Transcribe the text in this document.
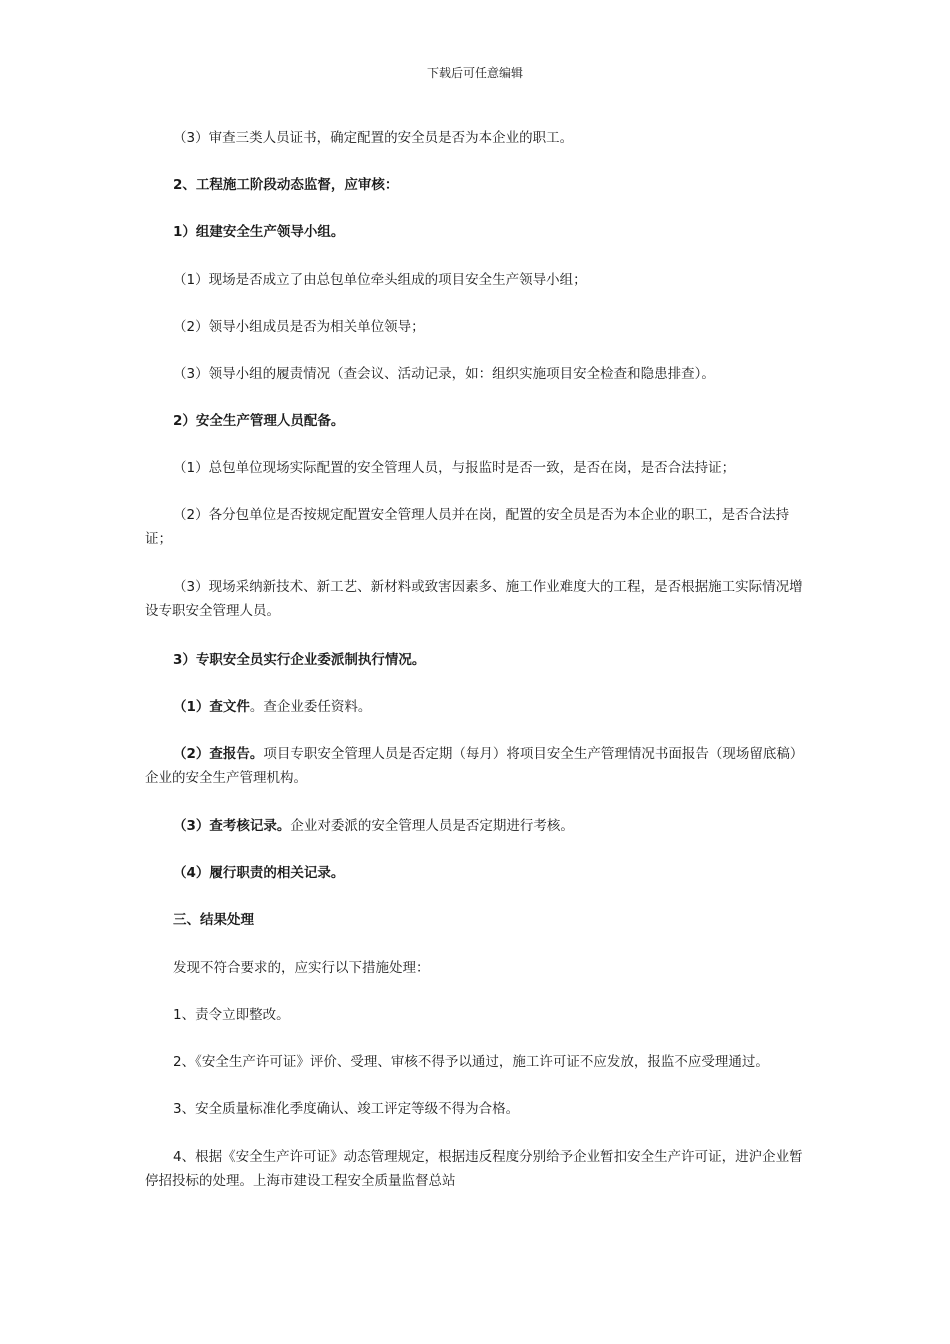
下载后可任意编辑
（3）审查三类人员证书，确定配置的安全员是否为本企业的职工。
2、工程施工阶段动态监督，应审核：
1）组建安全生产领导小组。
（1）现场是否成立了由总包单位牵头组成的项目安全生产领导小组；
（2）领导小组成员是否为相关单位领导；
（3）领导小组的履责情况（查会议、活动记录，如：组织实施项目安全检查和隐患排查）。
2）安全生产管理人员配备。
（1）总包单位现场实际配置的安全管理人员，与报监时是否一致，是否在岗，是否合法持证；
（2）各分包单位是否按规定配置安全管理人员并在岗，配置的安全员是否为本企业的职工，是否合法持证；
（3）现场采纳新技术、新工艺、新材料或致害因素多、施工作业难度大的工程，是否根据施工实际情况增设专职安全管理人员。
3）专职安全员实行企业委派制执行情况。
（1）查文件。查企业委任资料。
（2）查报告。项目专职安全管理人员是否定期（每月）将项目安全生产管理情况书面报告（现场留底稿）企业的安全生产管理机构。
（3）查考核记录。企业对委派的安全管理人员是否定期进行考核。
（4）履行职责的相关记录。
三、结果处理
发现不符合要求的，应实行以下措施处理：
1、责令立即整改。
2、《安全生产许可证》评价、受理、审核不得予以通过，施工许可证不应发放，报监不应受理通过。
3、安全质量标准化季度确认、竣工评定等级不得为合格。
4、根据《安全生产许可证》动态管理规定，根据违反程度分别给予企业暂扣安全生产许可证，进沪企业暂停招投标的处理。上海市建设工程安全质量监督总站
